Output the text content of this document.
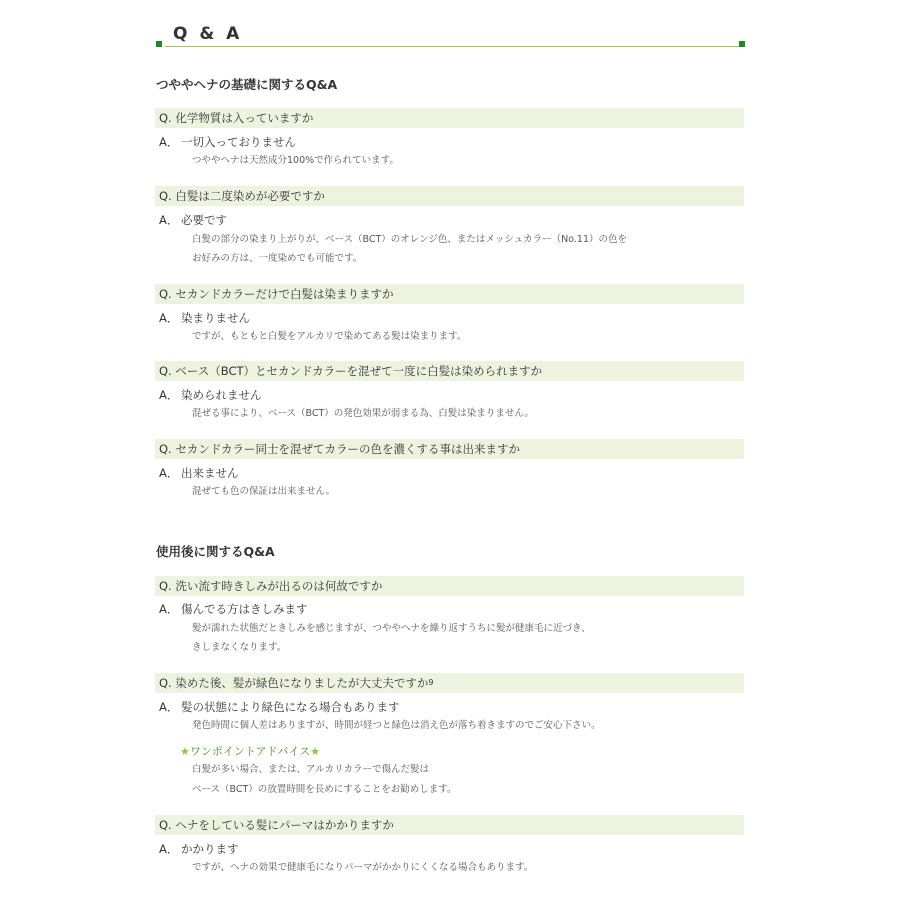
Q & A
つややヘナの基礎に関するQ&A
Q. 化学物質は入っていますか
A． 一切入っておりません
つややヘナは天然成分100%で作られています。
Q. 白髪は二度染めが必要ですか
A． 必要です
白髪の部分の染まり上がりが、ベース（BCT）のオレンジ色、またはメッシュカラー（No.11）の色を
お好みの方は、一度染めでも可能です。
Q. セカンドカラーだけで白髪は染まりますか
A． 染まりません
ですが、もともと白髪をアルカリで染めてある髪は染まります。
Q. ベース（BCT）とセカンドカラーを混ぜて一度に白髪は染められますか
A． 染められません
混ぜる事により、ベース（BCT）の発色効果が弱まる為、白髪は染まりません。
Q. セカンドカラー同士を混ぜてカラーの色を濃くする事は出来ますか
A． 出来ません
混ぜても色の保証は出来ません。
使用後に関するQ&A
Q. 洗い流す時きしみが出るのは何故ですか
A． 傷んでる方はきしみます
髪が濡れた状態だときしみを感じますが、つややヘナを繰り返すうちに髪が健康毛に近づき、
きしまなくなります。
Q. 染めた後、髪が緑色になりましたが大丈夫ですか$^9$
A． 髪の状態により緑色になる場合もあります
発色時間に個人差はありますが、時間が経つと緑色は消え色が落ち着きますのでご安心下さい。
★ワンポイントアドバイス★
白髪が多い場合、または、アルカリカラーで傷んだ髪は
ベース（BCT）の放置時間を長めにすることをお勧めします。
Q. ヘナをしている髪にパーマはかかりますか
A． かかります
ですが、ヘナの効果で健康毛になりパーマがかかりにくくなる場合もあります。
